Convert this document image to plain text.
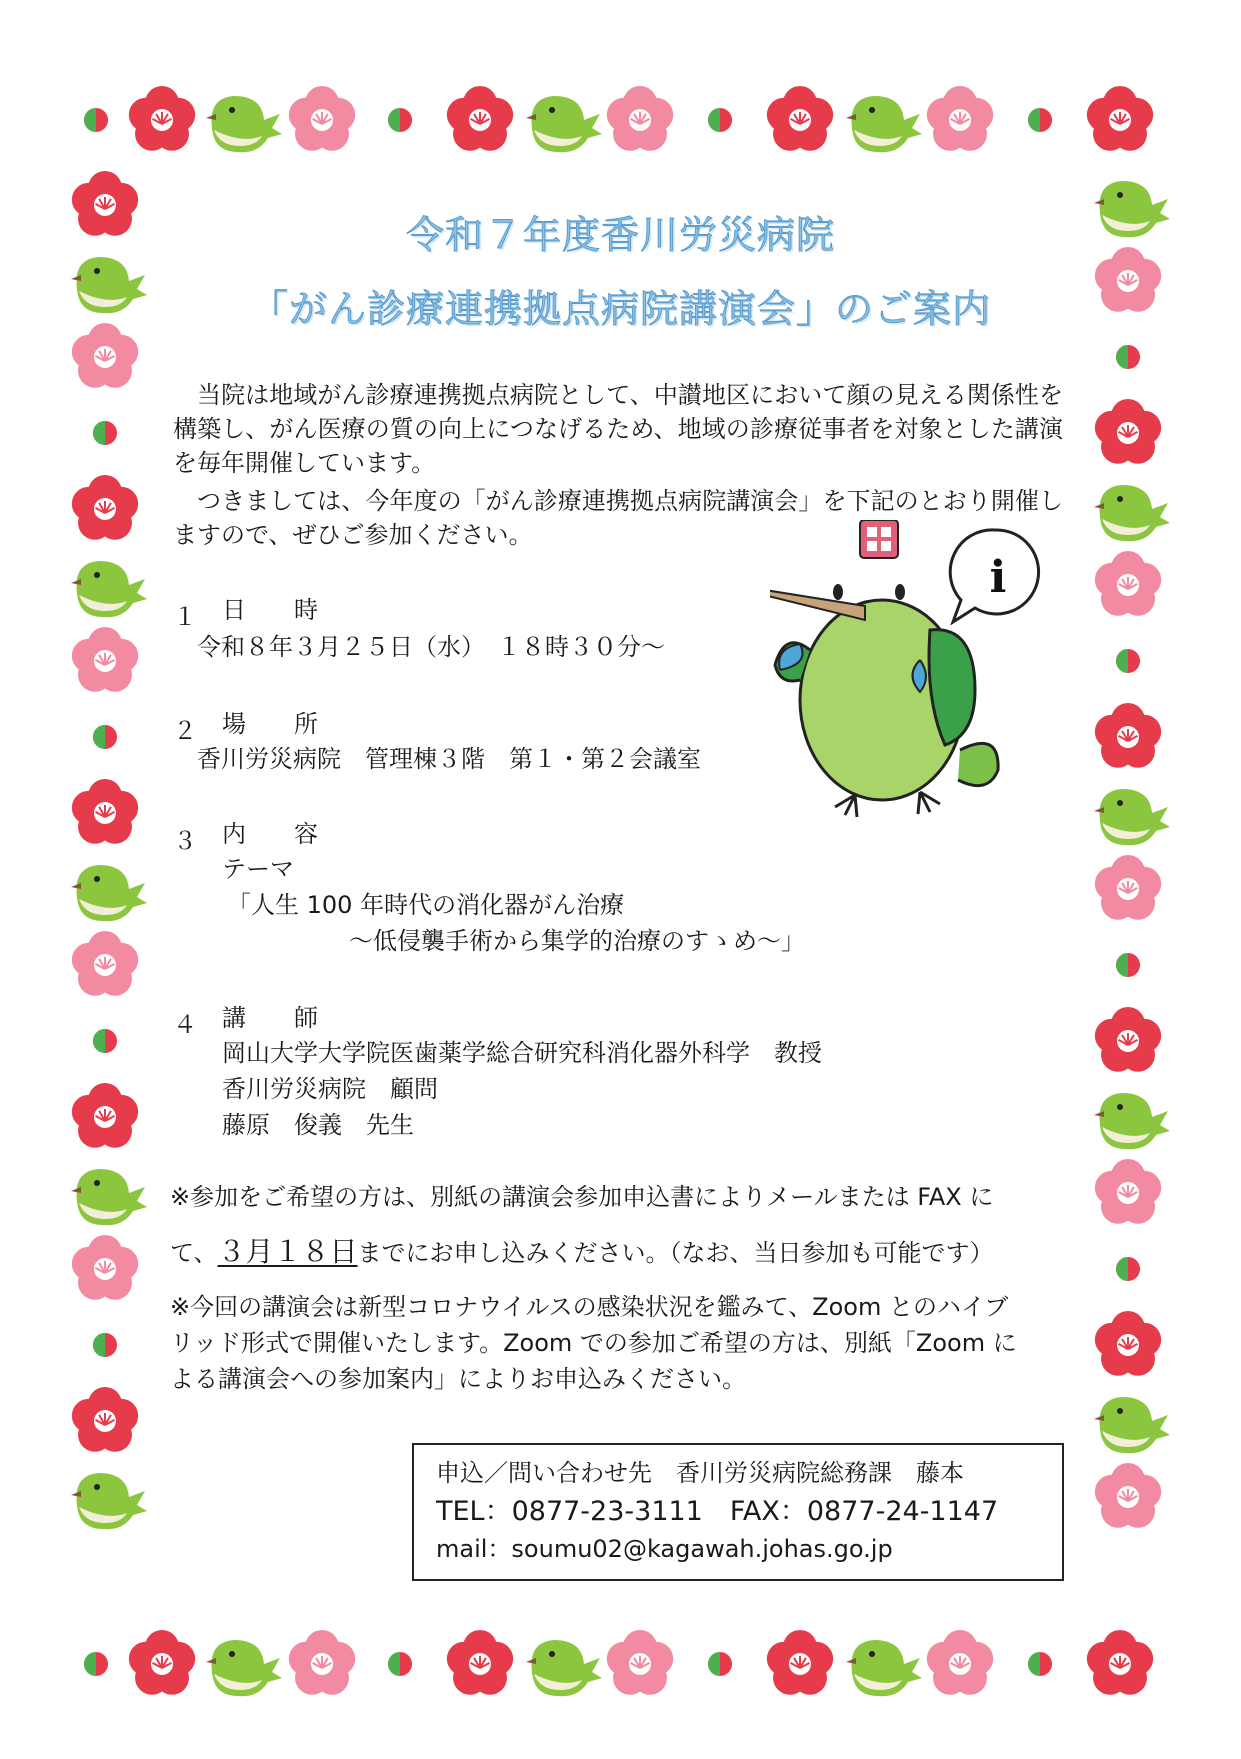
令和７年度香川労災病院
「がん診療連携拠点病院講演会」のご案内
当院は地域がん診療連携拠点病院として、中讃地区において顔の見える関係性を構築し、がん医療の質の向上につなげるため、地域の診療従事者を対象とした講演を毎年開催しています。
つきましては、今年度の「がん診療連携拠点病院講演会」を下記のとおり開催しますので、ぜひご参加ください。
１ 日　　時
令和８年３月２５日（水）　１８時３０分～
２ 場　　所
香川労災病院　管理棟３階　第１・第２会議室
３ 内　　容
テーマ
「人生 100 年時代の消化器がん治療
～低侵襲手術から集学的治療のすゝめ～」
４ 講　　師
岡山大学大学院医歯薬学総合研究科消化器外科学　教授
香川労災病院　顧問
藤原　俊義　先生
※参加をご希望の方は、別紙の講演会参加申込書によりメールまたは FAX に
て、３月１８日までにお申し込みください。（なお、当日参加も可能です）
※今回の講演会は新型コロナウイルスの感染状況を鑑みて、Zoom とのハイブ
リッド形式で開催いたします。Zoom での参加ご希望の方は、別紙「Zoom に
よる講演会への参加案内」によりお申込みください。
申込／問い合わせ先　香川労災病院総務課　藤本
TEL：0877-23-3111　FAX：0877-24-1147
mail：soumu02@kagawah.johas.go.jp
i
